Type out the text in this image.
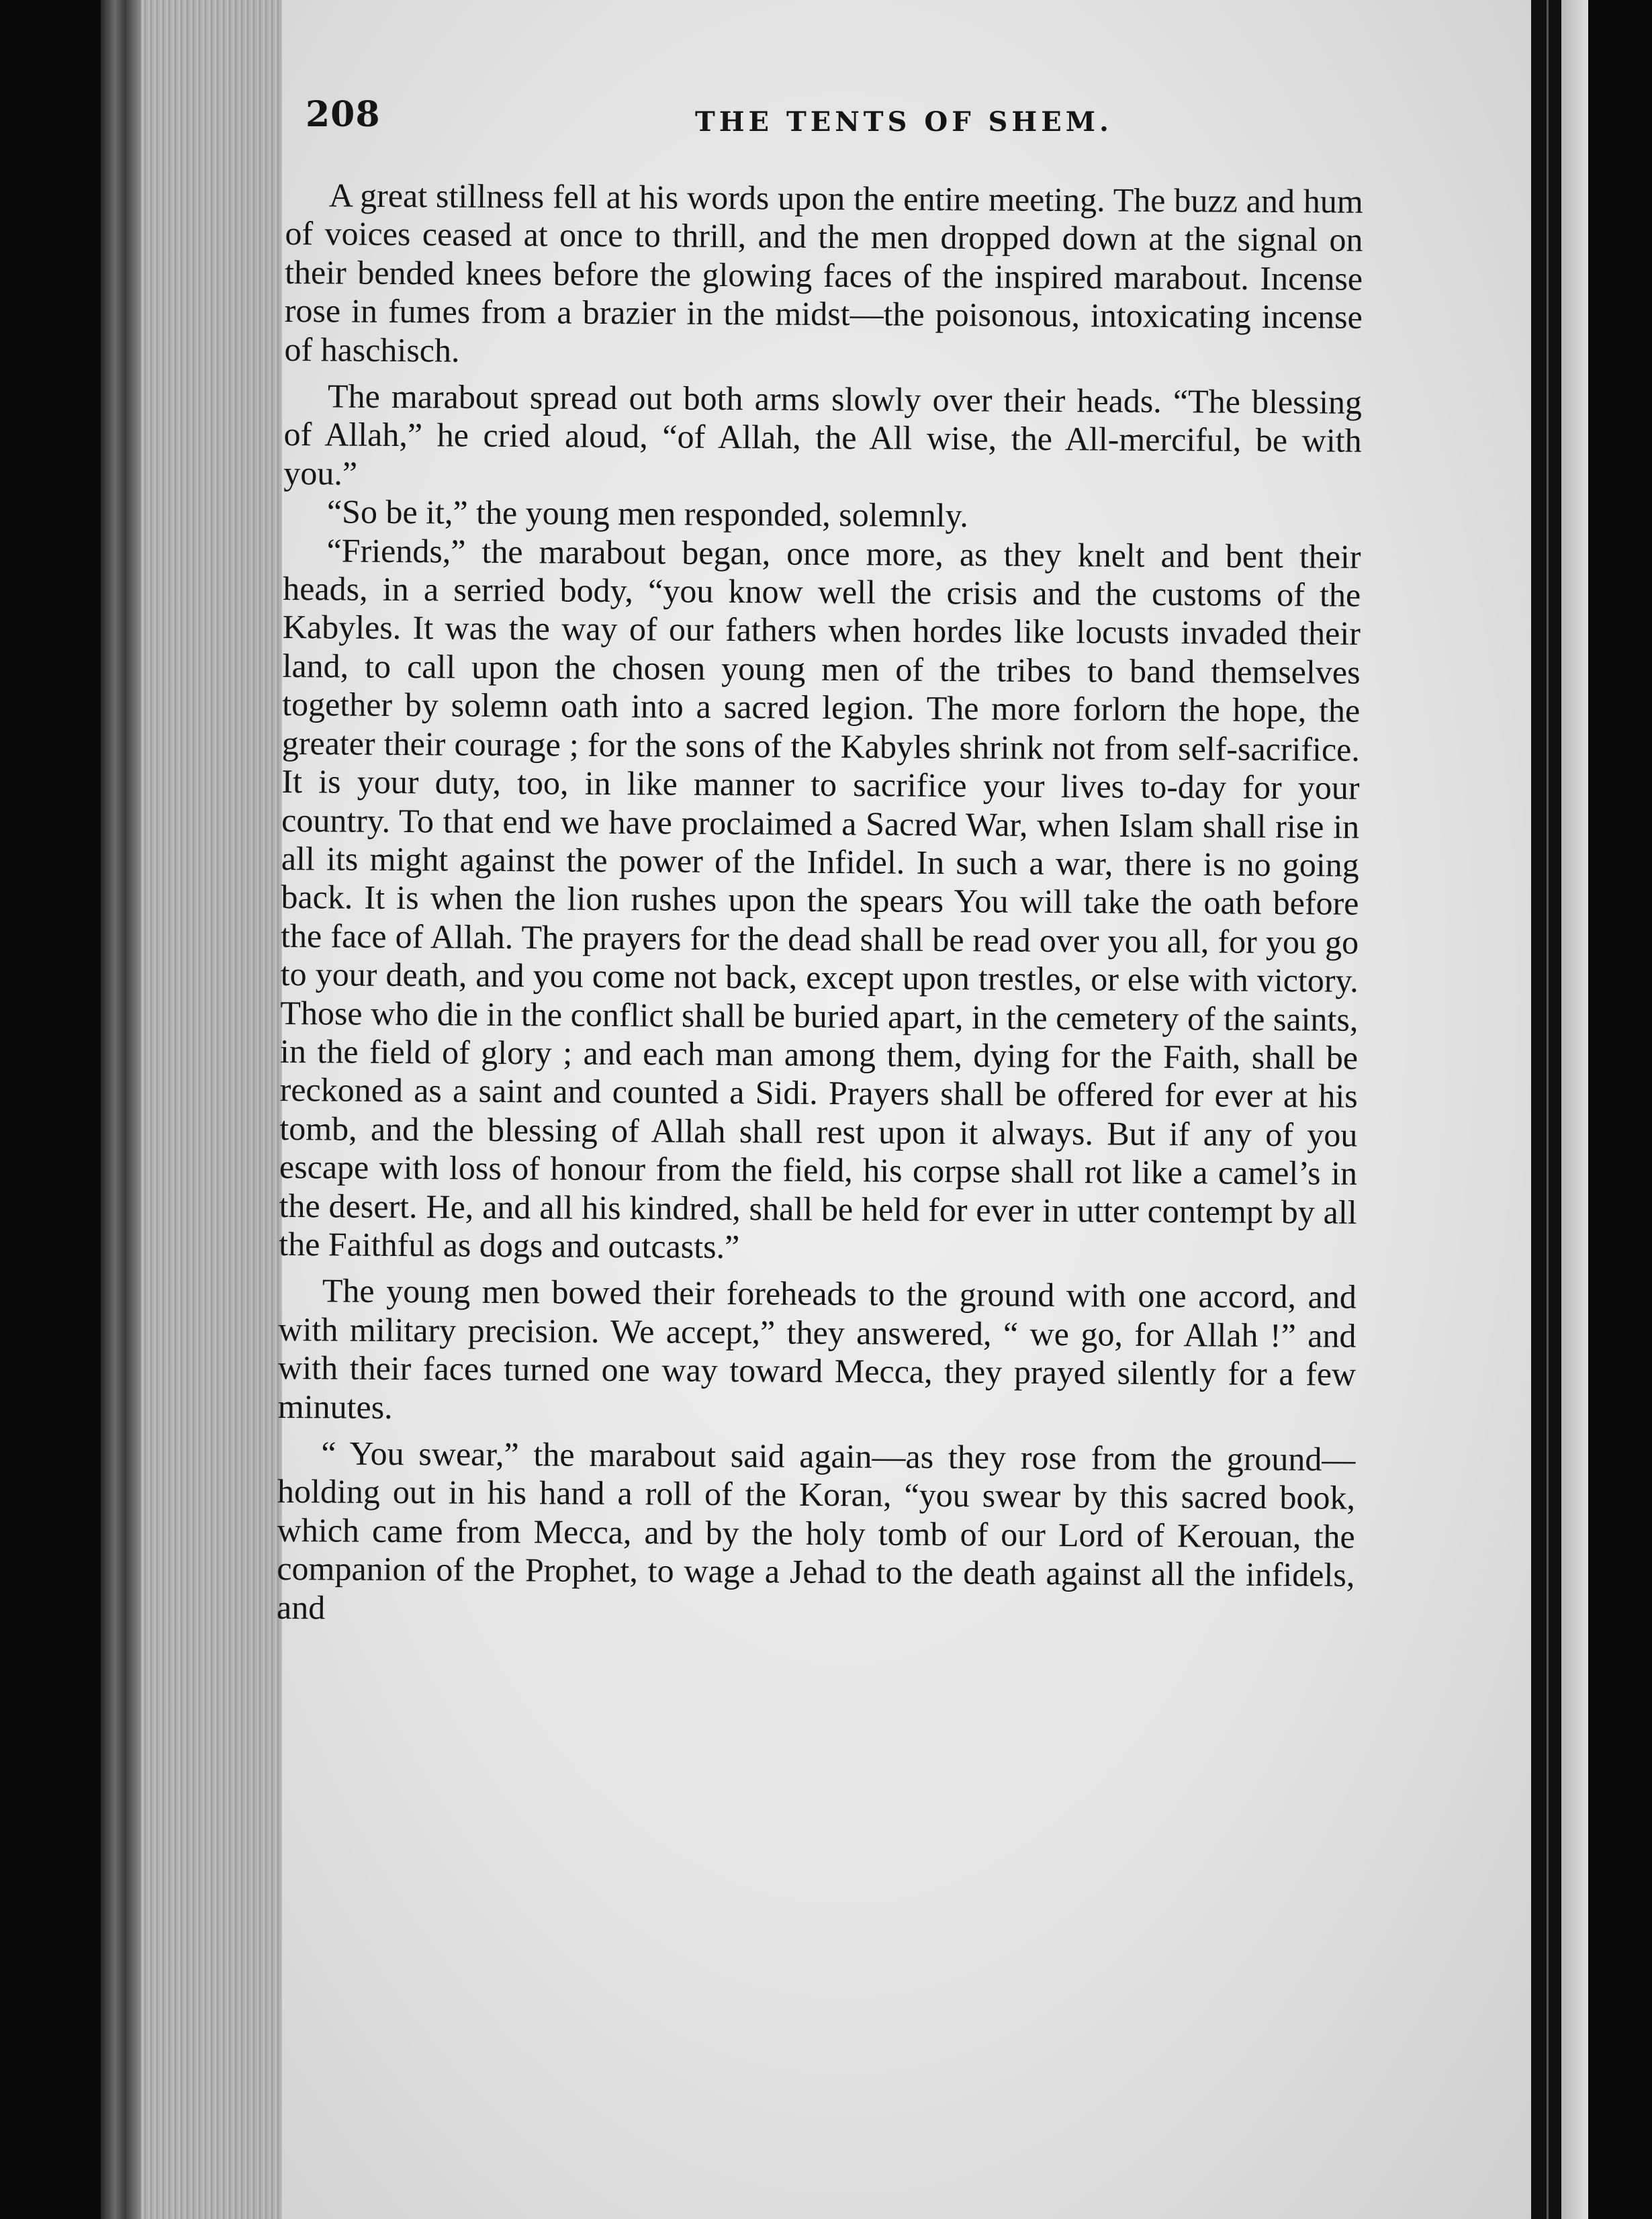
208	THE TENTS OF SHEM.

A great stillness fell at his words upon the entire meeting. The buzz and hum of voices ceased at once to thrill, and the men dropped down at the signal on their bended knees before the glowing faces of the inspired marabout. Incense rose in fumes from a brazier in the midst—the poisonous, intoxicating incense of haschisch.

The marabout spread out both arms slowly over their heads. “The blessing of Allah,” he cried aloud, “of Allah, the All wise, the All-merciful, be with you.”

“So be it,” the young men responded, solemnly.

“Friends,” the marabout began, once more, as they knelt and bent their heads, in a serried body, “you know well the crisis and the customs of the Kabyles. It was the way of our fathers when hordes like locusts invaded their land, to call upon the chosen young men of the tribes to band themselves together by solemn oath into a sacred legion. The more forlorn the hope, the greater their courage ; for the sons of the Kabyles shrink not from self-sacrifice. It is your duty, too, in like manner to sacrifice your lives to-day for your country. To that end we have proclaimed a Sacred War, when Islam shall rise in all its might against the power of the Infidel. In such a war, there is no going back. It is when the lion rushes upon the spears You will take the oath before the face of Allah. The prayers for the dead shall be read over you all, for you go to your death, and you come not back, except upon trestles, or else with victory. Those who die in the conflict shall be buried apart, in the cemetery of the saints, in the field of glory ; and each man among them, dying for the Faith, shall be reckoned as a saint and counted a Sidi. Prayers shall be offered for ever at his tomb, and the blessing of Allah shall rest upon it always. But if any of you escape with loss of honour from the field, his corpse shall rot like a camel’s in the desert. He, and all his kindred, shall be held for ever in utter contempt by all the Faithful as dogs and outcasts.”

The young men bowed their foreheads to the ground with one accord, and with military precision. We accept,” they answered, “ we go, for Allah !” and with their faces turned one way toward Mecca, they prayed silently for a few minutes.

“ You swear,” the marabout said again—as they rose from the ground—holding out in his hand a roll of the Koran, “you swear by this sacred book, which came from Mecca, and by the holy tomb of our Lord of Kerouan, the companion of the Prophet, to wage a Jehad to the death against all the infidels, and
